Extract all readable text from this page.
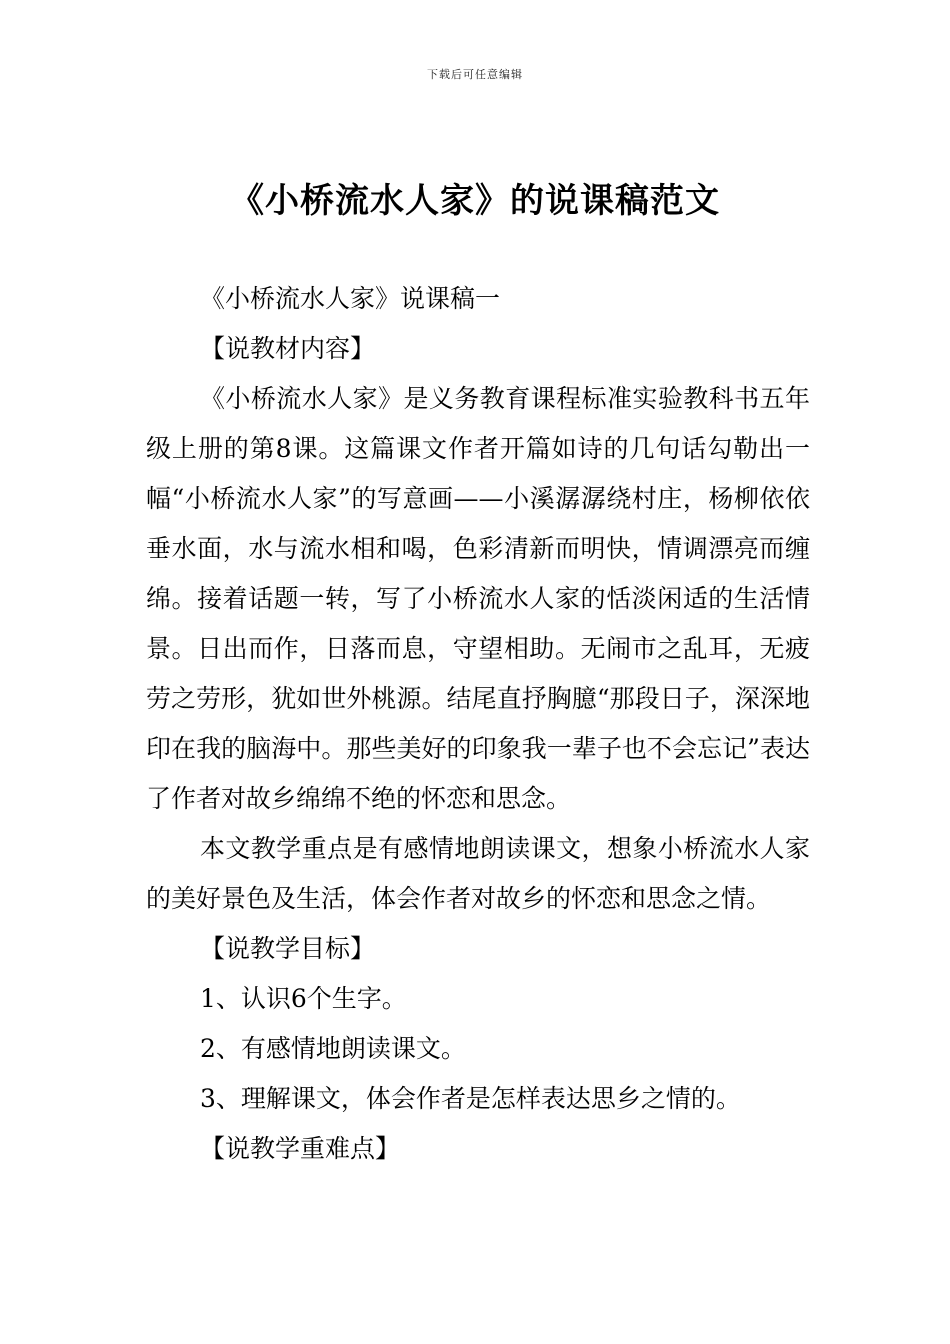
下载后可任意编辑
《小桥流水人家》的说课稿范文

《小桥流水人家》说课稿一

【说教材内容】

《小桥流水人家》是义务教育课程标准实验教科书五年级上册的第8课。这篇课文作者开篇如诗的几句话勾勒出一幅“小桥流水人家”的写意画——小溪潺潺绕村庄，杨柳依依垂水面，水与流水相和喝，色彩清新而明快，情调漂亮而缠绵。接着话题一转，写了小桥流水人家的恬淡闲适的生活情景。日出而作，日落而息，守望相助。无闹市之乱耳，无疲劳之劳形，犹如世外桃源。结尾直抒胸臆“那段日子，深深地印在我的脑海中。那些美好的印象我一辈子也不会忘记”表达了作者对故乡绵绵不绝的怀恋和思念。

本文教学重点是有感情地朗读课文，想象小桥流水人家的美好景色及生活，体会作者对故乡的怀恋和思念之情。

【说教学目标】

1、认识6个生字。

2、有感情地朗读课文。

3、理解课文，体会作者是怎样表达思乡之情的。

【说教学重难点】
